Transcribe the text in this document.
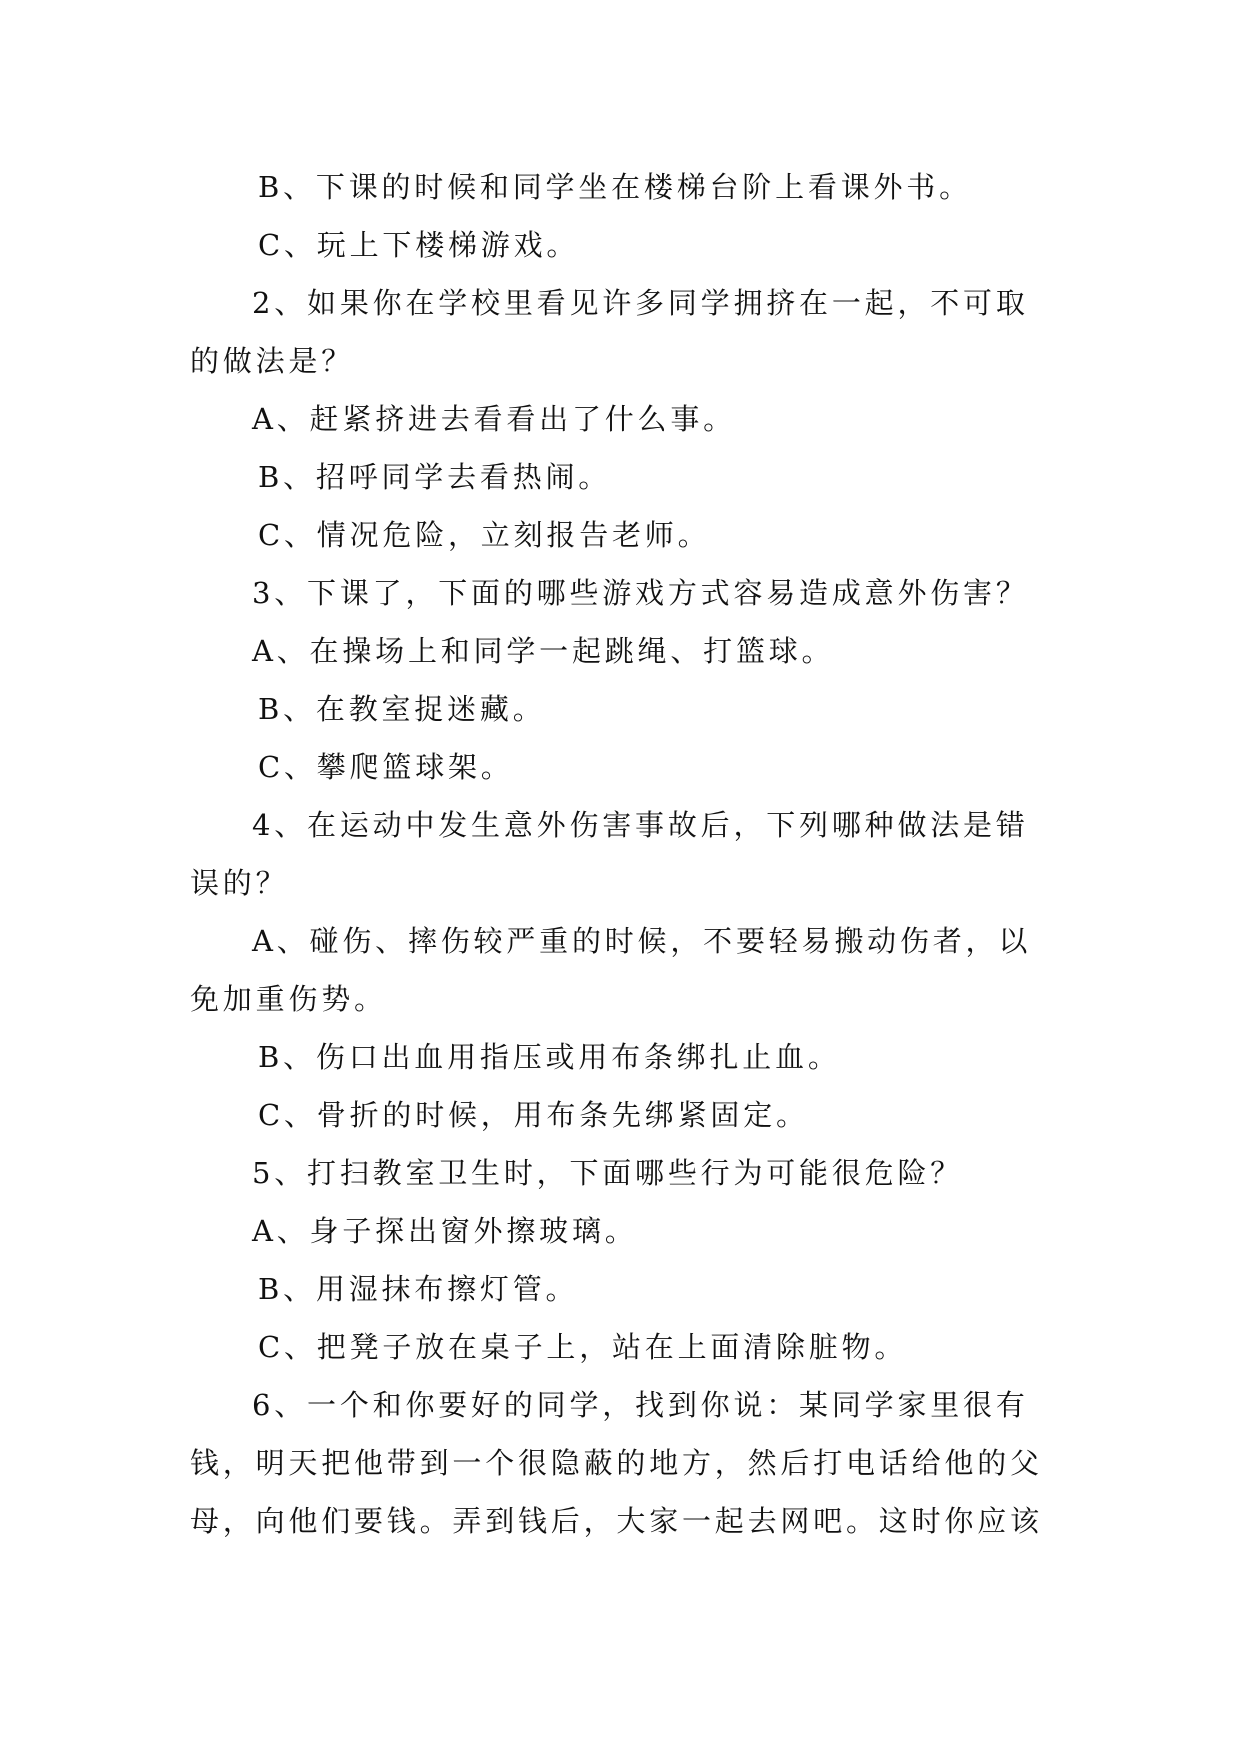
B、下课的时候和同学坐在楼梯台阶上看课外书。
C、玩上下楼梯游戏。
2、如果你在学校里看见许多同学拥挤在一起，不可取
的做法是？
A、赶紧挤进去看看出了什么事。
B、招呼同学去看热闹。
C、情况危险，立刻报告老师。
3、下课了，下面的哪些游戏方式容易造成意外伤害？
A、在操场上和同学一起跳绳、打篮球。
B、在教室捉迷藏。
C、攀爬篮球架。
4、在运动中发生意外伤害事故后，下列哪种做法是错
误的？
A、碰伤、摔伤较严重的时候，不要轻易搬动伤者，以
免加重伤势。
B、伤口出血用指压或用布条绑扎止血。
C、骨折的时候，用布条先绑紧固定。
5、打扫教室卫生时，下面哪些行为可能很危险？
A、身子探出窗外擦玻璃。
B、用湿抹布擦灯管。
C、把凳子放在桌子上，站在上面清除脏物。
6、一个和你要好的同学，找到你说：某同学家里很有
钱，明天把他带到一个很隐蔽的地方，然后打电话给他的父
母，向他们要钱。弄到钱后，大家一起去网吧。这时你应该
